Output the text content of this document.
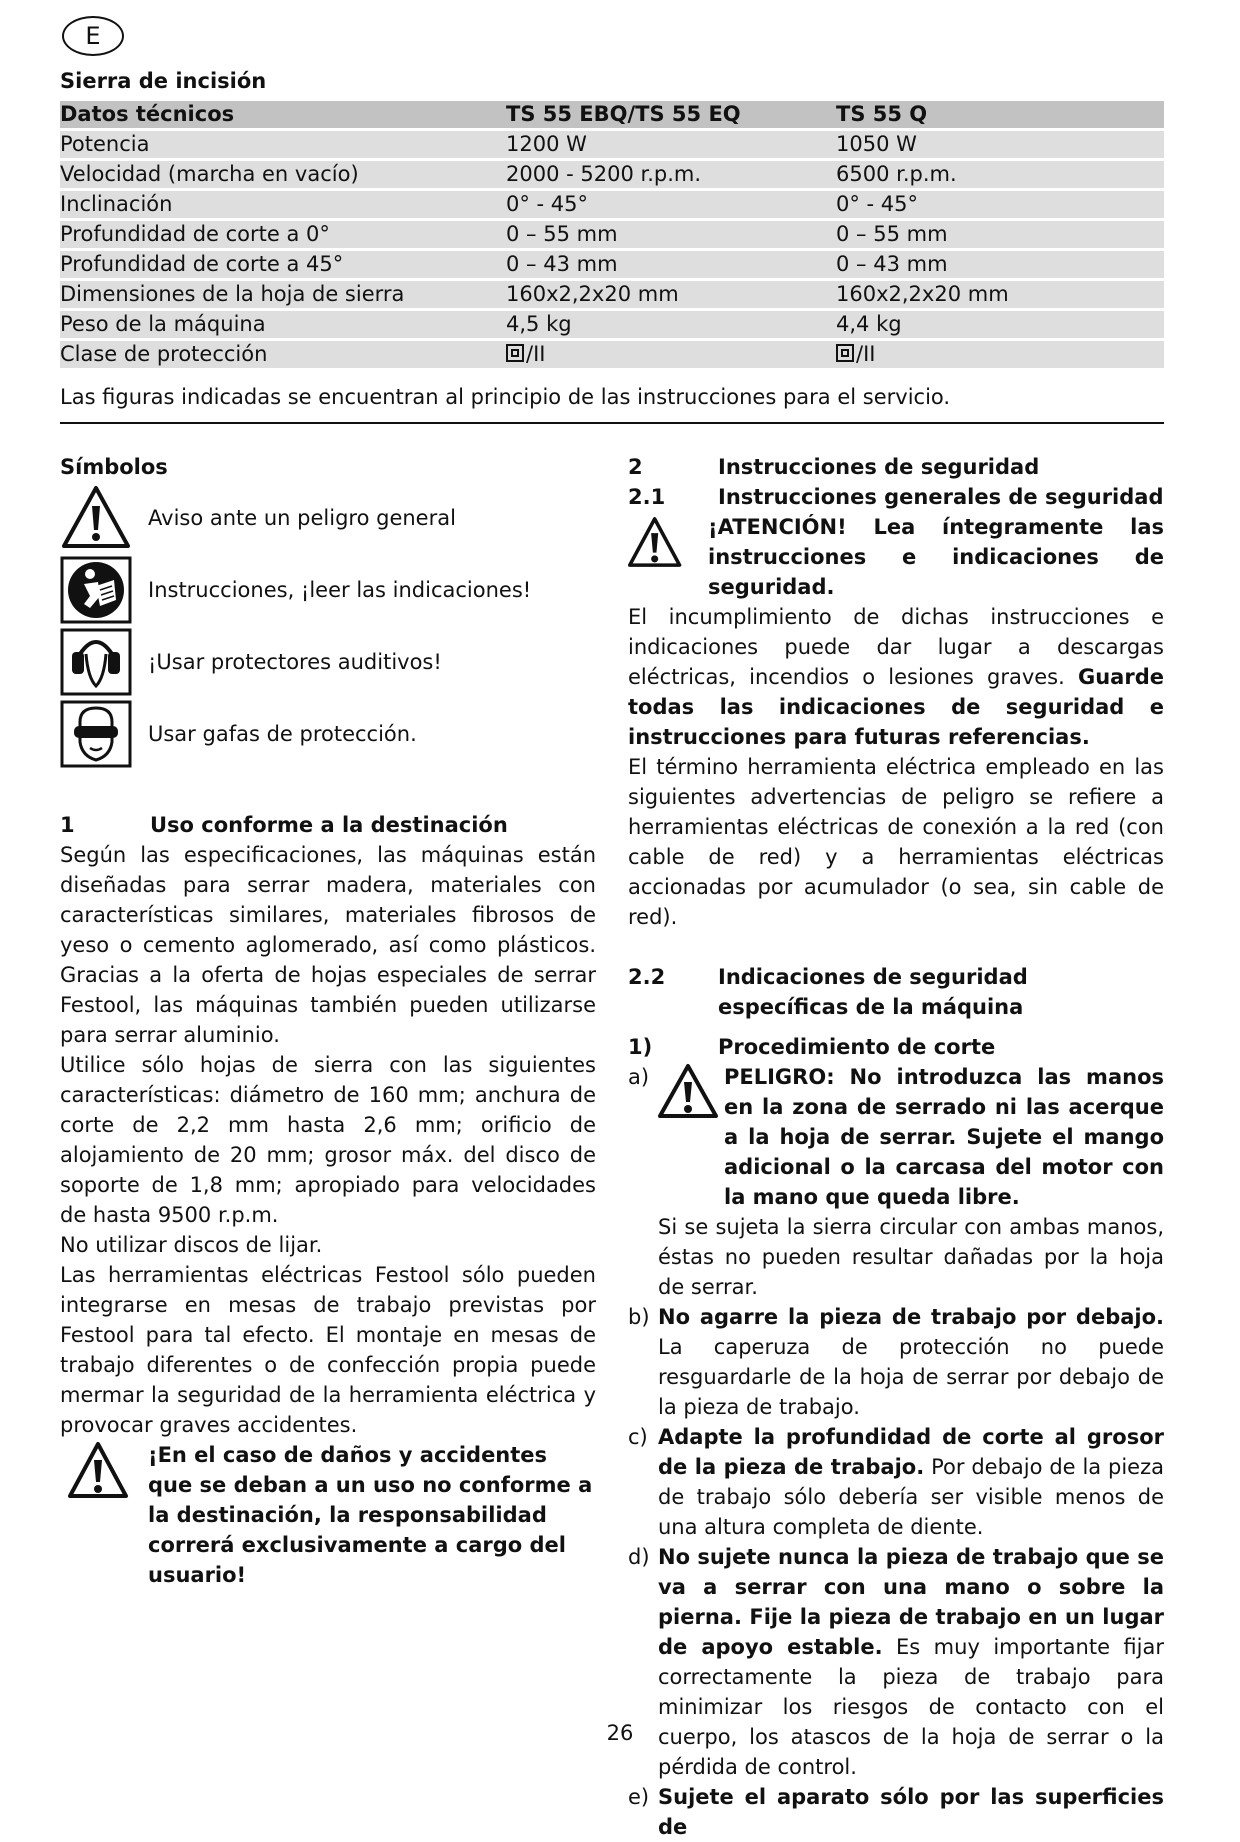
E
Sierra de incisión
Datos técnicos	TS 55 EBQ/TS 55 EQ	TS 55 Q
Potencia	1200 W	1050 W
Velocidad (marcha en vacío)	2000 - 5200 r.p.m.	6500 r.p.m.
Inclinación	0° - 45°	0° - 45°
Profundidad de corte a 0°	0 – 55 mm	0 – 55 mm
Profundidad de corte a 45°	0 – 43 mm	0 – 43 mm
Dimensiones de la hoja de sierra	160x2,2x20 mm	160x2,2x20 mm
Peso de la máquina	4,5 kg	4,4 kg
Clase de protección	/II	/II
Las figuras indicadas se encuentran al principio de las instrucciones para el servicio.
Símbolos
Aviso ante un peligro general
Instrucciones, ¡leer las indicaciones!
¡Usar protectores auditivos!
Usar gafas de protección.
1	Uso conforme a la destinación
Según las especificaciones, las máquinas están diseñadas para serrar madera, materiales con características similares, materiales fibrosos de yeso o cemento aglomerado, así como plásticos. Gracias a la oferta de hojas especiales de serrar Festool, las máquinas también pueden utilizarse para serrar aluminio.
Utilice sólo hojas de sierra con las siguientes características: diámetro de 160 mm; anchura de corte de 2,2 mm hasta 2,6 mm; orificio de alojamiento de 20 mm; grosor máx. del disco de soporte de 1,8 mm; apropiado para velocidades de hasta 9500 r.p.m.
No utilizar discos de lijar.
Las herramientas eléctricas Festool sólo pueden integrarse en mesas de trabajo previstas por Festool para tal efecto. El montaje en mesas de trabajo diferentes o de confección propia puede mermar la seguridad de la herramienta eléctrica y provocar graves accidentes.
¡En el caso de daños y accidentes que se deban a un uso no conforme a la destinación, la responsabilidad correrá exclusivamente a cargo del usuario!
2	Instrucciones de seguridad
2.1	Instrucciones generales de seguridad
¡ATENCIÓN! Lea íntegramente las instrucciones e indicaciones de seguridad.
El incumplimiento de dichas instrucciones e indicaciones puede dar lugar a descargas eléctricas, incendios o lesiones graves. Guarde todas las indicaciones de seguridad e instrucciones para futuras referencias.
El término herramienta eléctrica empleado en las siguientes advertencias de peligro se refiere a herramientas eléctricas de conexión a la red (con cable de red) y a herramientas eléctricas accionadas por acumulador (o sea, sin cable de red).
2.2	Indicaciones de seguridad específicas de la máquina
1)	Procedimiento de corte
a)	PELIGRO: No introduzca las manos en la zona de serrado ni las acerque a la hoja de serrar. Sujete el mango adicional o la carcasa del motor con la mano que queda libre.
Si se sujeta la sierra circular con ambas manos, éstas no pueden resultar dañadas por la hoja de serrar.
b) No agarre la pieza de trabajo por debajo. La caperuza de protección no puede resguardarle de la hoja de serrar por debajo de la pieza de trabajo.
c) Adapte la profundidad de corte al grosor de la pieza de trabajo. Por debajo de la pieza de trabajo sólo debería ser visible menos de una altura completa de diente.
d) No sujete nunca la pieza de trabajo que se va a serrar con una mano o sobre la pierna. Fije la pieza de trabajo en un lugar de apoyo estable. Es muy importante fijar correctamente la pieza de trabajo para minimizar los riesgos de contacto con el cuerpo, los atascos de la hoja de serrar o la pérdida de control.
e) Sujete el aparato sólo por las superficies de
26
